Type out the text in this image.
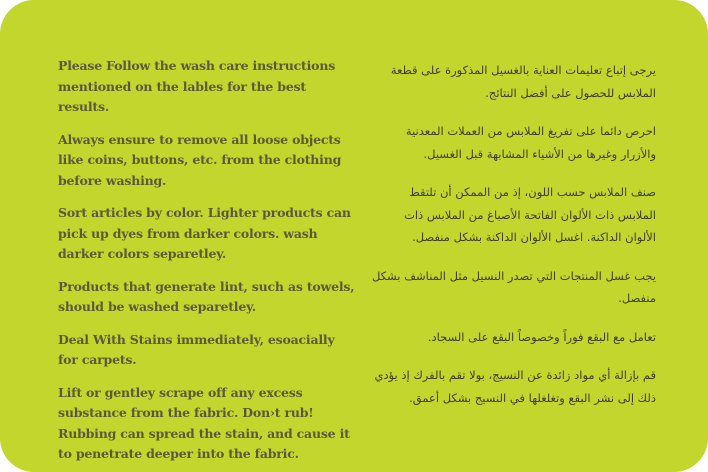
Please Follow the wash care instructions mentioned on the lables for the best results.

Always ensure to remove all loose objects like coins, buttons, etc. from the clothing before washing.

Sort articles by color. Lighter products can pick up dyes from darker colors. wash darker colors separetley.

Products that generate lint, such as towels, should be washed separetley.

Deal With Stains immediately, esoacially for carpets.

Lift or gentley scrape off any excess substance from the fabric. Don›t rub! Rubbing can spread the stain, and cause it to penetrate deeper into the fabric.

يرجى إتباع تعليمات العناية بالغسيل المذكورة على قطعة الملابس للحصول على أفضل النتائج.

احرص دائما على تفريغ الملابس من العملات المعدنية والأزرار وغيرها من الأشياء المشابهة قبل الغسيل.

صنف الملابس حسب اللون، إذ من الممكن أن تلتقط الملابس ذات الألوان الفاتحة الأصباغ من الملابس ذات الألوان الداكنة. اغسل الألوان الداكنة بشكل منفصل.

يجب غسل المنتجات التي تصدر النسيل مثل المناشف بشكل منفصل.

تعامل مع البقع فوراً وخصوصاً البقع على السجاد.

قم بإزالة أي مواد زائدة عن النسيج، بولا تقم بالفرك إذ يؤدي ذلك إلى نشر البقع وتغلغلها في النسيج بشكل أعمق.
